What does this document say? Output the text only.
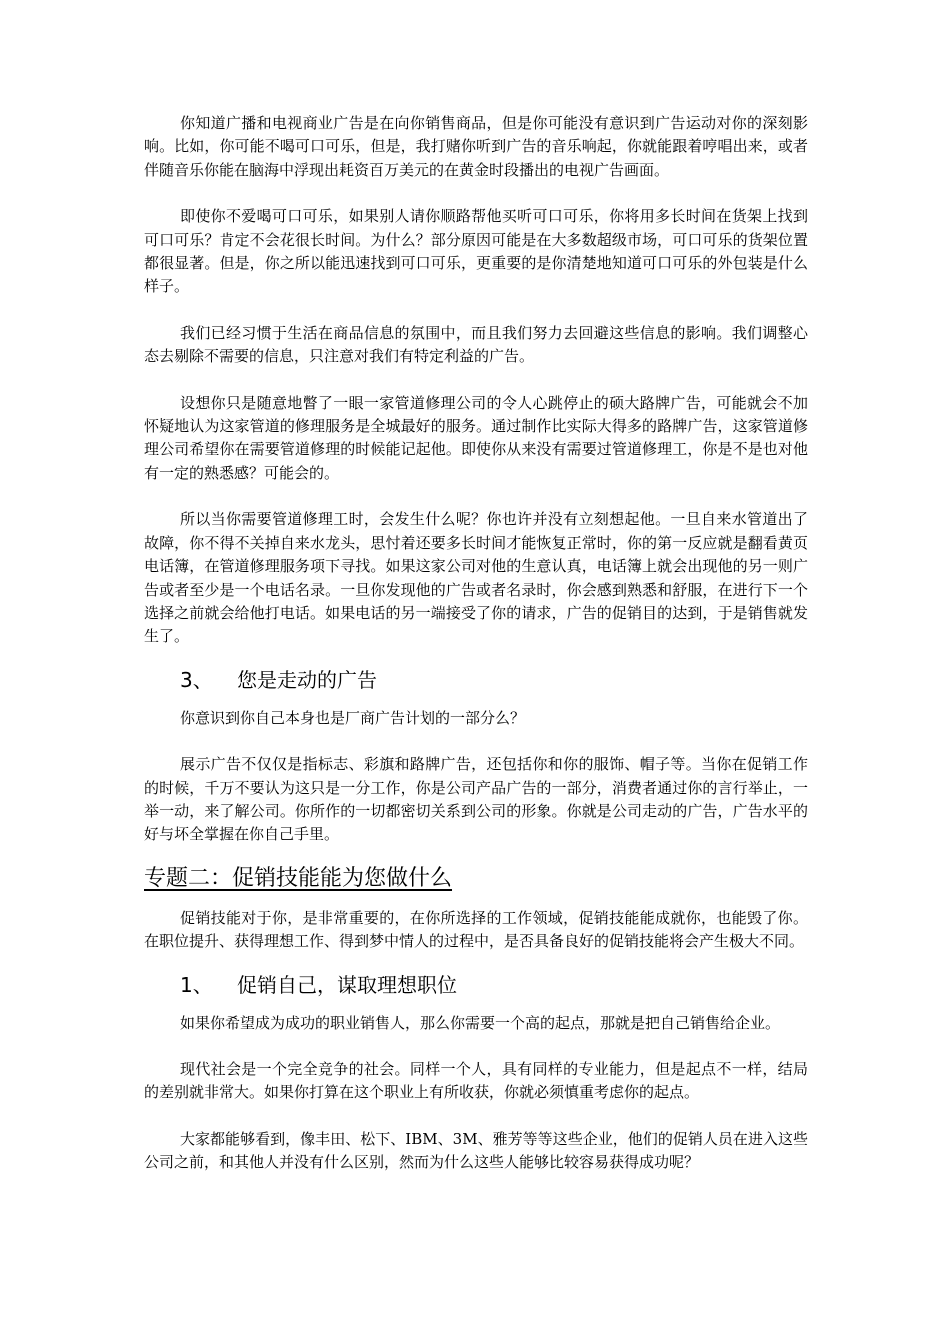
你知道广播和电视商业广告是在向你销售商品，但是你可能没有意识到广告运动对你的深刻影响。比如，你可能不喝可口可乐，但是，我打赌你听到广告的音乐响起，你就能跟着哼唱出来，或者伴随音乐你能在脑海中浮现出耗资百万美元的在黄金时段播出的电视广告画面。

即使你不爱喝可口可乐，如果别人请你顺路帮他买听可口可乐，你将用多长时间在货架上找到可口可乐？肯定不会花很长时间。为什么？部分原因可能是在大多数超级市场，可口可乐的货架位置都很显著。但是，你之所以能迅速找到可口可乐，更重要的是你清楚地知道可口可乐的外包装是什么样子。

我们已经习惯于生活在商品信息的氛围中，而且我们努力去回避这些信息的影响。我们调整心态去剔除不需要的信息，只注意对我们有特定利益的广告。

设想你只是随意地瞥了一眼一家管道修理公司的令人心跳停止的硕大路牌广告，可能就会不加怀疑地认为这家管道的修理服务是全城最好的服务。通过制作比实际大得多的路牌广告，这家管道修理公司希望你在需要管道修理的时候能记起他。即使你从来没有需要过管道修理工，你是不是也对他有一定的熟悉感？可能会的。

所以当你需要管道修理工时，会发生什么呢？你也许并没有立刻想起他。一旦自来水管道出了故障，你不得不关掉自来水龙头，思忖着还要多长时间才能恢复正常时，你的第一反应就是翻看黄页电话簿，在管道修理服务项下寻找。如果这家公司对他的生意认真，电话簿上就会出现他的另一则广告或者至少是一个电话名录。一旦你发现他的广告或者名录时，你会感到熟悉和舒服，在进行下一个选择之前就会给他打电话。如果电话的另一端接受了你的请求，广告的促销目的达到，于是销售就发生了。

3、 您是走动的广告

你意识到你自己本身也是厂商广告计划的一部分么？

展示广告不仅仅是指标志、彩旗和路牌广告，还包括你和你的服饰、帽子等。当你在促销工作的时候，千万不要认为这只是一分工作，你是公司产品广告的一部分，消费者通过你的言行举止，一举一动，来了解公司。你所作的一切都密切关系到公司的形象。你就是公司走动的广告，广告水平的好与坏全掌握在你自己手里。

专题二：促销技能能为您做什么

促销技能对于你，是非常重要的，在你所选择的工作领域，促销技能能成就你，也能毁了你。在职位提升、获得理想工作、得到梦中情人的过程中，是否具备良好的促销技能将会产生极大不同。

1、 促销自己，谋取理想职位

如果你希望成为成功的职业销售人，那么你需要一个高的起点，那就是把自己销售给企业。

现代社会是一个完全竞争的社会。同样一个人，具有同样的专业能力，但是起点不一样，结局的差别就非常大。如果你打算在这个职业上有所收获，你就必须慎重考虑你的起点。

大家都能够看到，像丰田、松下、IBM、3M、雅芳等等这些企业，他们的促销人员在进入这些公司之前，和其他人并没有什么区别，然而为什么这些人能够比较容易获得成功呢？
